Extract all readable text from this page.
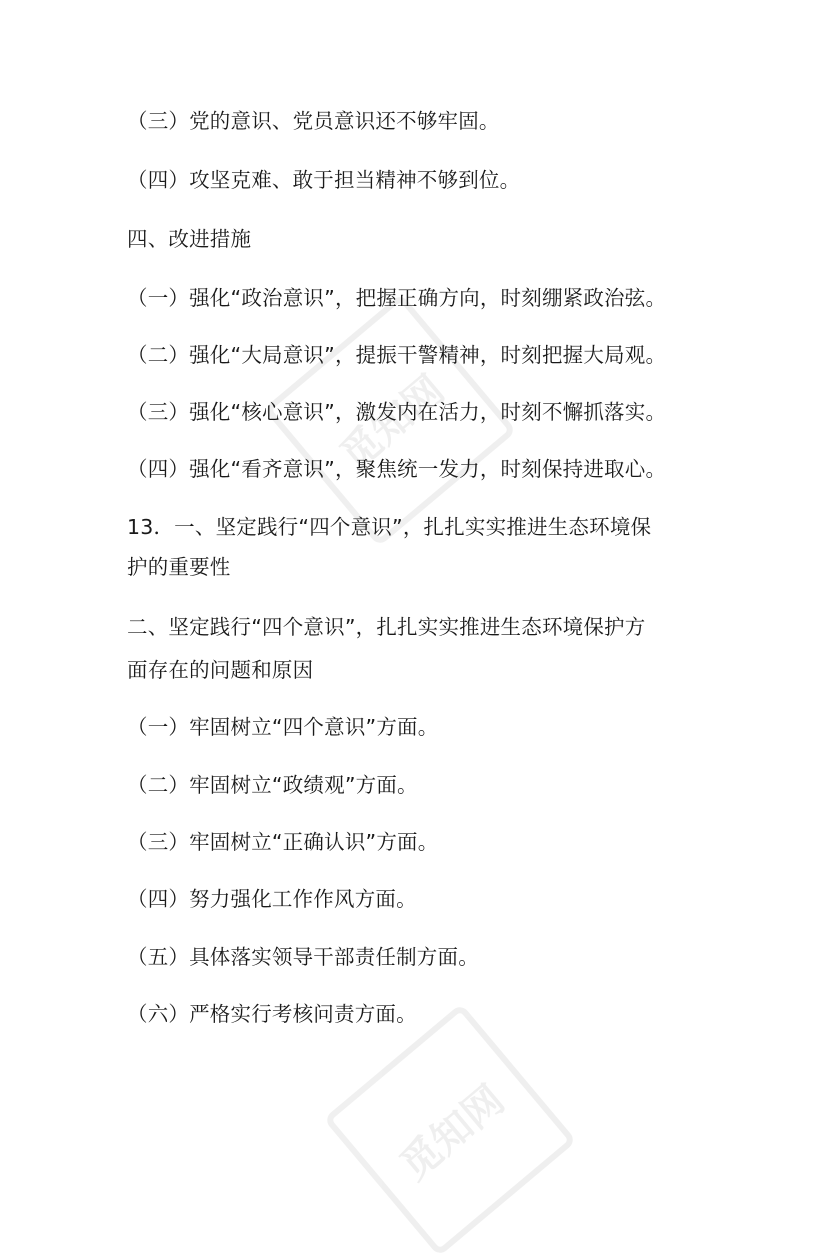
觅知网
觅知网
（三）党的意识、党员意识还不够牢固。
（四）攻坚克难、敢于担当精神不够到位。
四、改进措施
（一）强化“政治意识”，把握正确方向，时刻绷紧政治弦。
（二）强化“大局意识”，提振干警精神，时刻把握大局观。
（三）强化“核心意识”，激发内在活力，时刻不懈抓落实。
（四）强化“看齐意识”，聚焦统一发力，时刻保持进取心。
13．一、坚定践行“四个意识”，扎扎实实推进生态环境保
护的重要性
二、坚定践行“四个意识”，扎扎实实推进生态环境保护方
面存在的问题和原因
（一）牢固树立“四个意识”方面。
（二）牢固树立“政绩观”方面。
（三）牢固树立“正确认识”方面。
（四）努力强化工作作风方面。
（五）具体落实领导干部责任制方面。
（六）严格实行考核问责方面。
